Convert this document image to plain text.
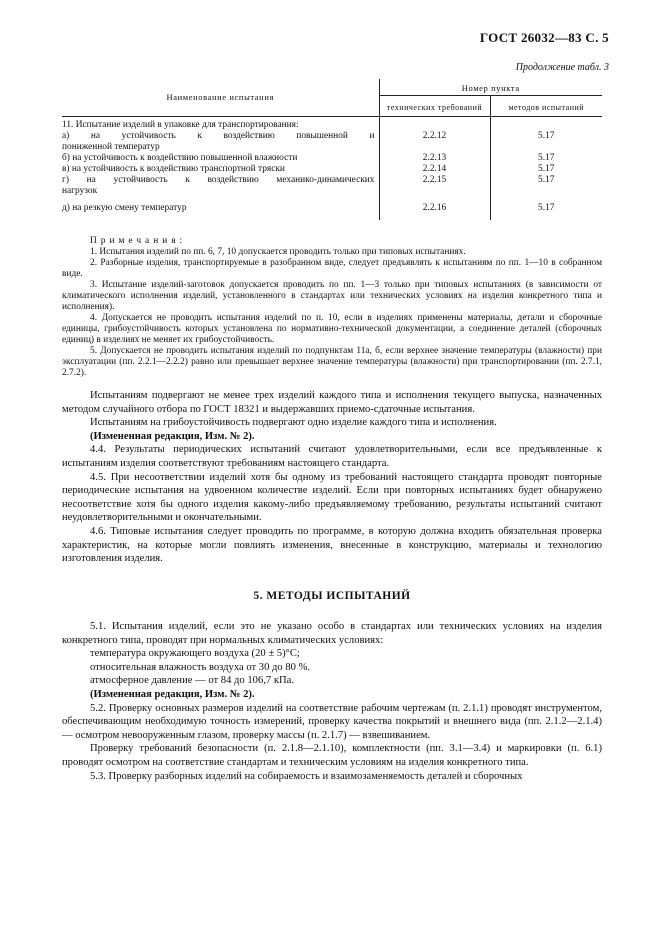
ГОСТ 26032—83 С. 5
Продолжение табл. 3
Наименование испытания	Номер пункта	
	технических требований	методов испытаний
11. Испытание изделий в упаковке для транспортирования:		

а) на устойчивость к воздействию повышенной и
пониженной температур	2.2.12	5.17

б) на устойчивость к воздействию повышенной влажности	2.2.13	5.17

в) на устойчивость к воздействию транспортной тряски	2.2.14	5.17

г) на устойчивость к воздействию механико-динамических
нагрузок	2.2.15	5.17

д) на резкую смену температур	2.2.16	5.17

Примечания:

1. Испытания изделий по пп. 6, 7, 10 допускается проводить только при типовых испытаниях.

2. Разборные изделия, транспортируемые в разобранном виде, следует предъявлять к испытаниям по пп. 1—10 в собранном виде.

3. Испытание изделий-заготовок допускается проводить по пп. 1—3 только при типовых испытаниях (в зависимости от климатического исполнения изделий, установленного в стандартах или технических условиях на изделия конкретного типа и исполнения).

4. Допускается не проводить испытания изделий по п. 10, если в изделиях применены материалы, детали и сборочные единицы, грибоустойчивость которых установлена по нормативно-технической документации, а соединение деталей (сборочных единиц) в изделиях не меняет их грибоустойчивость.

5. Допускается не проводить испытания изделий по подпунктам 11а, б, если верхнее значение температуры (влажности) при эксплуатации (пп. 2.2.1—2.2.2) равно или превышает верхнее значение температуры (влажности) при транспортировании (пп. 2.7.1, 2.7.2).

Испытаниям подвергают не менее трех изделий каждого типа и исполнения текущего выпуска, назначенных методом случайного отбора по ГОСТ 18321 и выдержавших приемо-сдаточные испытания.

Испытаниям на грибоустойчивость подвергают одно изделие каждого типа и исполнения.

(Измененная редакция, Изм. № 2).

4.4. Результаты периодических испытаний считают удовлетворительными, если все предъявленные к испытаниям изделия соответствуют требованиям настоящего стандарта.

4.5. При несоответствии изделий хотя бы одному из требований настоящего стандарта проводят повторные периодические испытания на удвоенном количестве изделий. Если при повторных испытаниях будет обнаружено несоответствие хотя бы одного изделия какому-либо предъявляемому требованию, результаты испытаний считают неудовлетворительными и окончательными.

4.6. Типовые испытания следует проводить по программе, в которую должна входить обязательная проверка характеристик, на которые могли повлиять изменения, внесенные в конструкцию, материалы и технологию изготовления изделия.

5. МЕТОДЫ ИСПЫТАНИЙ

5.1. Испытания изделий, если это не указано особо в стандартах или технических условиях на изделия конкретного типа, проводят при нормальных климатических условиях:

температура окружающего воздуха (20 ± 5)°С;

относительная влажность воздуха от 30 до 80 %.

атмосферное давление — от 84 до 106,7 кПа.

(Измененная редакция, Изм. № 2).

5.2. Проверку основных размеров изделий на соответствие рабочим чертежам (п. 2.1.1) проводят инструментом, обеспечивающим необходимую точность измерений, проверку качества покрытий и внешнего вида (пп. 2.1.2—2.1.4) — осмотром невооруженным глазом, проверку массы (п. 2.1.7) — взвешиванием.

Проверку требований безопасности (п. 2.1.8—2.1.10), комплектности (пп. 3.1—3.4) и маркировки (п. 6.1) проводят осмотром на соответствие стандартам и техническим условиям на изделия конкретного типа.

5.3. Проверку разборных изделий на собираемость и взаимозаменяемость деталей и сборочных
